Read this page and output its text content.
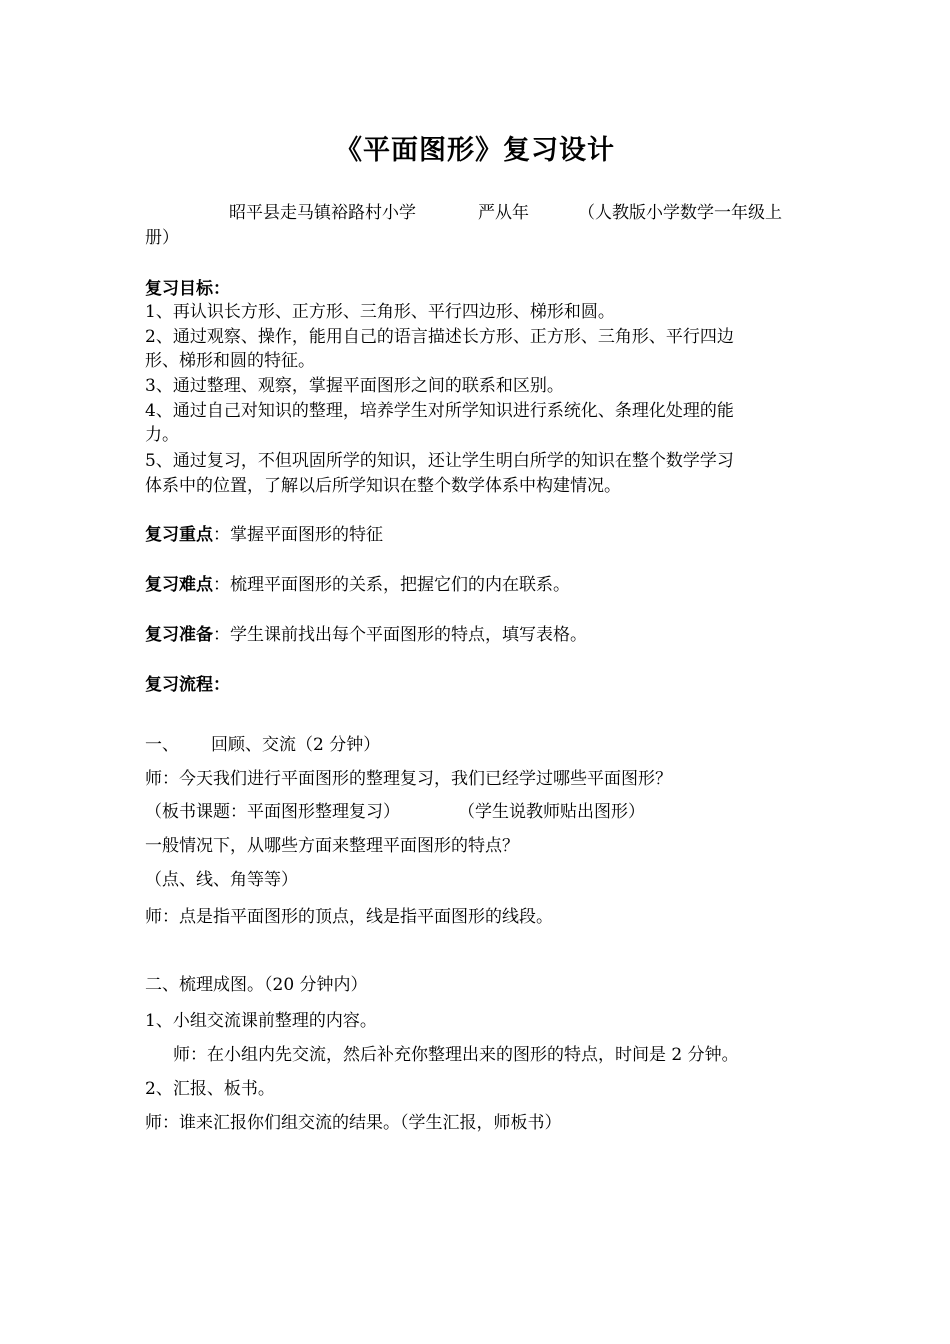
《平面图形》复习设计
昭平县走马镇裕路村小学	严从年	（人教版小学数学一年级上
册）
复习目标：
1、再认识长方形、正方形、三角形、平行四边形、梯形和圆。
2、通过观察、操作，能用自己的语言描述长方形、正方形、三角形、平行四边
形、梯形和圆的特征。
3、通过整理、观察，掌握平面图形之间的联系和区别。
4、通过自己对知识的整理，培养学生对所学知识进行系统化、条理化处理的能
力。
5、通过复习，不但巩固所学的知识，还让学生明白所学的知识在整个数学学习
体系中的位置，了解以后所学知识在整个数学体系中构建情况。
复习重点：掌握平面图形的特征
复习难点：梳理平面图形的关系，把握它们的内在联系。
复习准备：学生课前找出每个平面图形的特点，填写表格。
复习流程：
一、 回顾、交流（2 分钟）
师：今天我们进行平面图形的整理复习，我们已经学过哪些平面图形？
（板书课题：平面图形整理复习）	（学生说教师贴出图形）
一般情况下，从哪些方面来整理平面图形的特点？
（点、线、角等等）
师：点是指平面图形的顶点，线是指平面图形的线段。
二、梳理成图。（20 分钟内）
1、小组交流课前整理的内容。
师：在小组内先交流，然后补充你整理出来的图形的特点，时间是 2 分钟。
2、汇报、板书。
师：谁来汇报你们组交流的结果。（学生汇报，师板书）
